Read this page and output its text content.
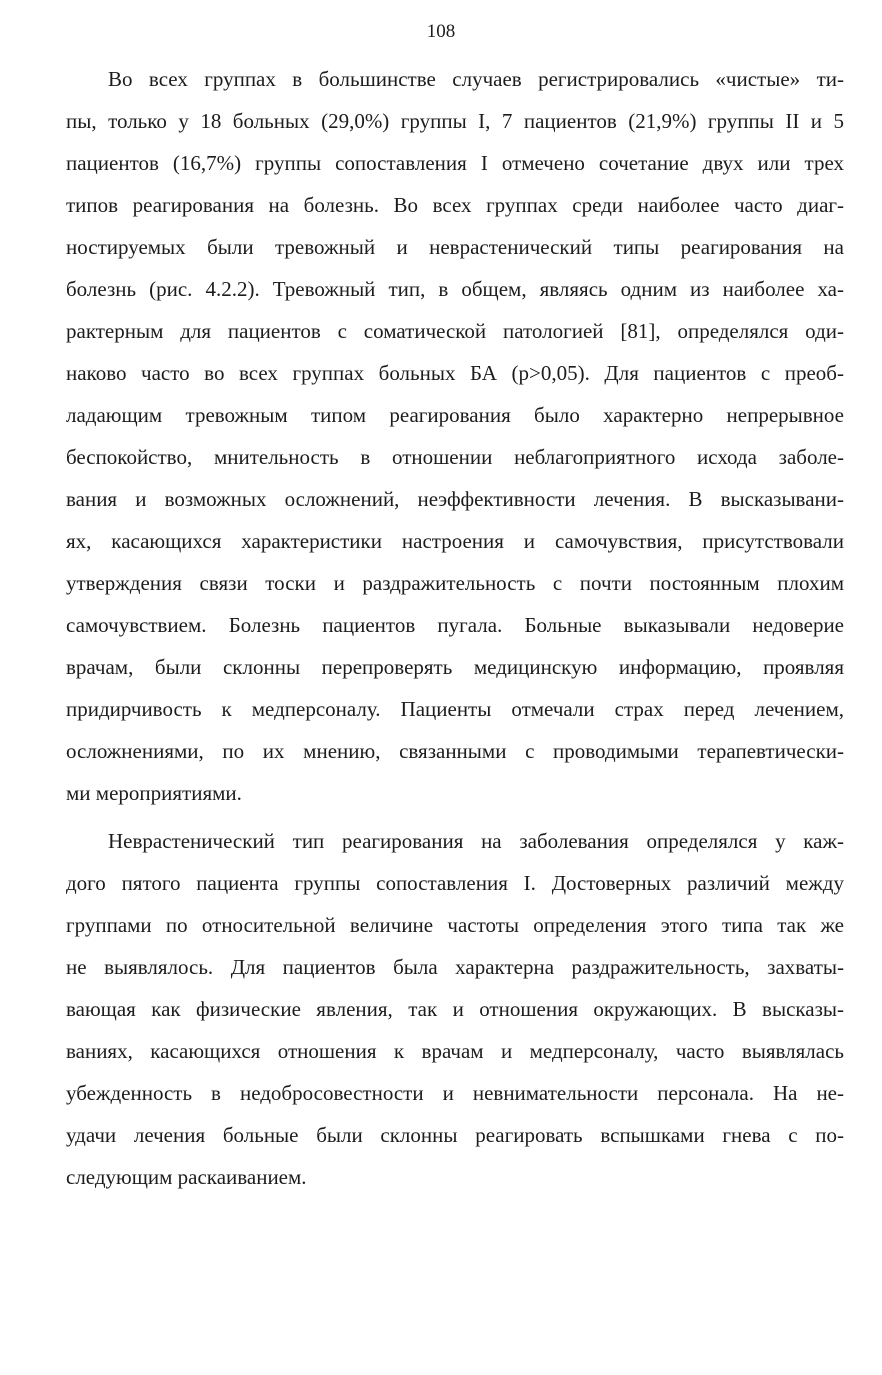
108

Во всех группах в большинстве случаев регистрировались «чистые» ти-
пы, только у 18 больных (29,0%) группы I, 7 пациентов (21,9%) группы II и 5
пациентов (16,7%) группы сопоставления I отмечено сочетание двух или трех
типов реагирования на болезнь. Во всех группах среди наиболее часто диаг-
ностируемых были тревожный и неврастенический типы реагирования на
болезнь (рис. 4.2.2). Тревожный тип, в общем, являясь одним из наиболее ха-
рактерным для пациентов с соматической патологией [81], определялся оди-
наково часто во всех группах больных БА (p>0,05). Для пациентов с преоб-
ладающим тревожным типом реагирования было характерно непрерывное
беспокойство, мнительность в отношении неблагоприятного исхода заболе-
вания и возможных осложнений, неэффективности лечения. В высказывани-
ях, касающихся характеристики настроения и самочувствия, присутствовали
утверждения связи тоски и раздражительность с почти постоянным плохим
самочувствием. Болезнь пациентов пугала. Больные выказывали недоверие
врачам, были склонны перепроверять медицинскую информацию, проявляя
придирчивость к медперсоналу. Пациенты отмечали страх перед лечением,
осложнениями, по их мнению, связанными с проводимыми терапевтически-
ми мероприятиями.

Неврастенический тип реагирования на заболевания определялся у каж-
дого пятого пациента группы сопоставления I. Достоверных различий между
группами по относительной величине частоты определения этого типа так же
не выявлялось. Для пациентов была характерна раздражительность, захваты-
вающая как физические явления, так и отношения окружающих. В высказы-
ваниях, касающихся отношения к врачам и медперсоналу, часто выявлялась
убежденность в недобросовестности и невнимательности персонала. На не-
удачи лечения больные были склонны реагировать вспышками гнева с по-
следующим раскаиванием.
